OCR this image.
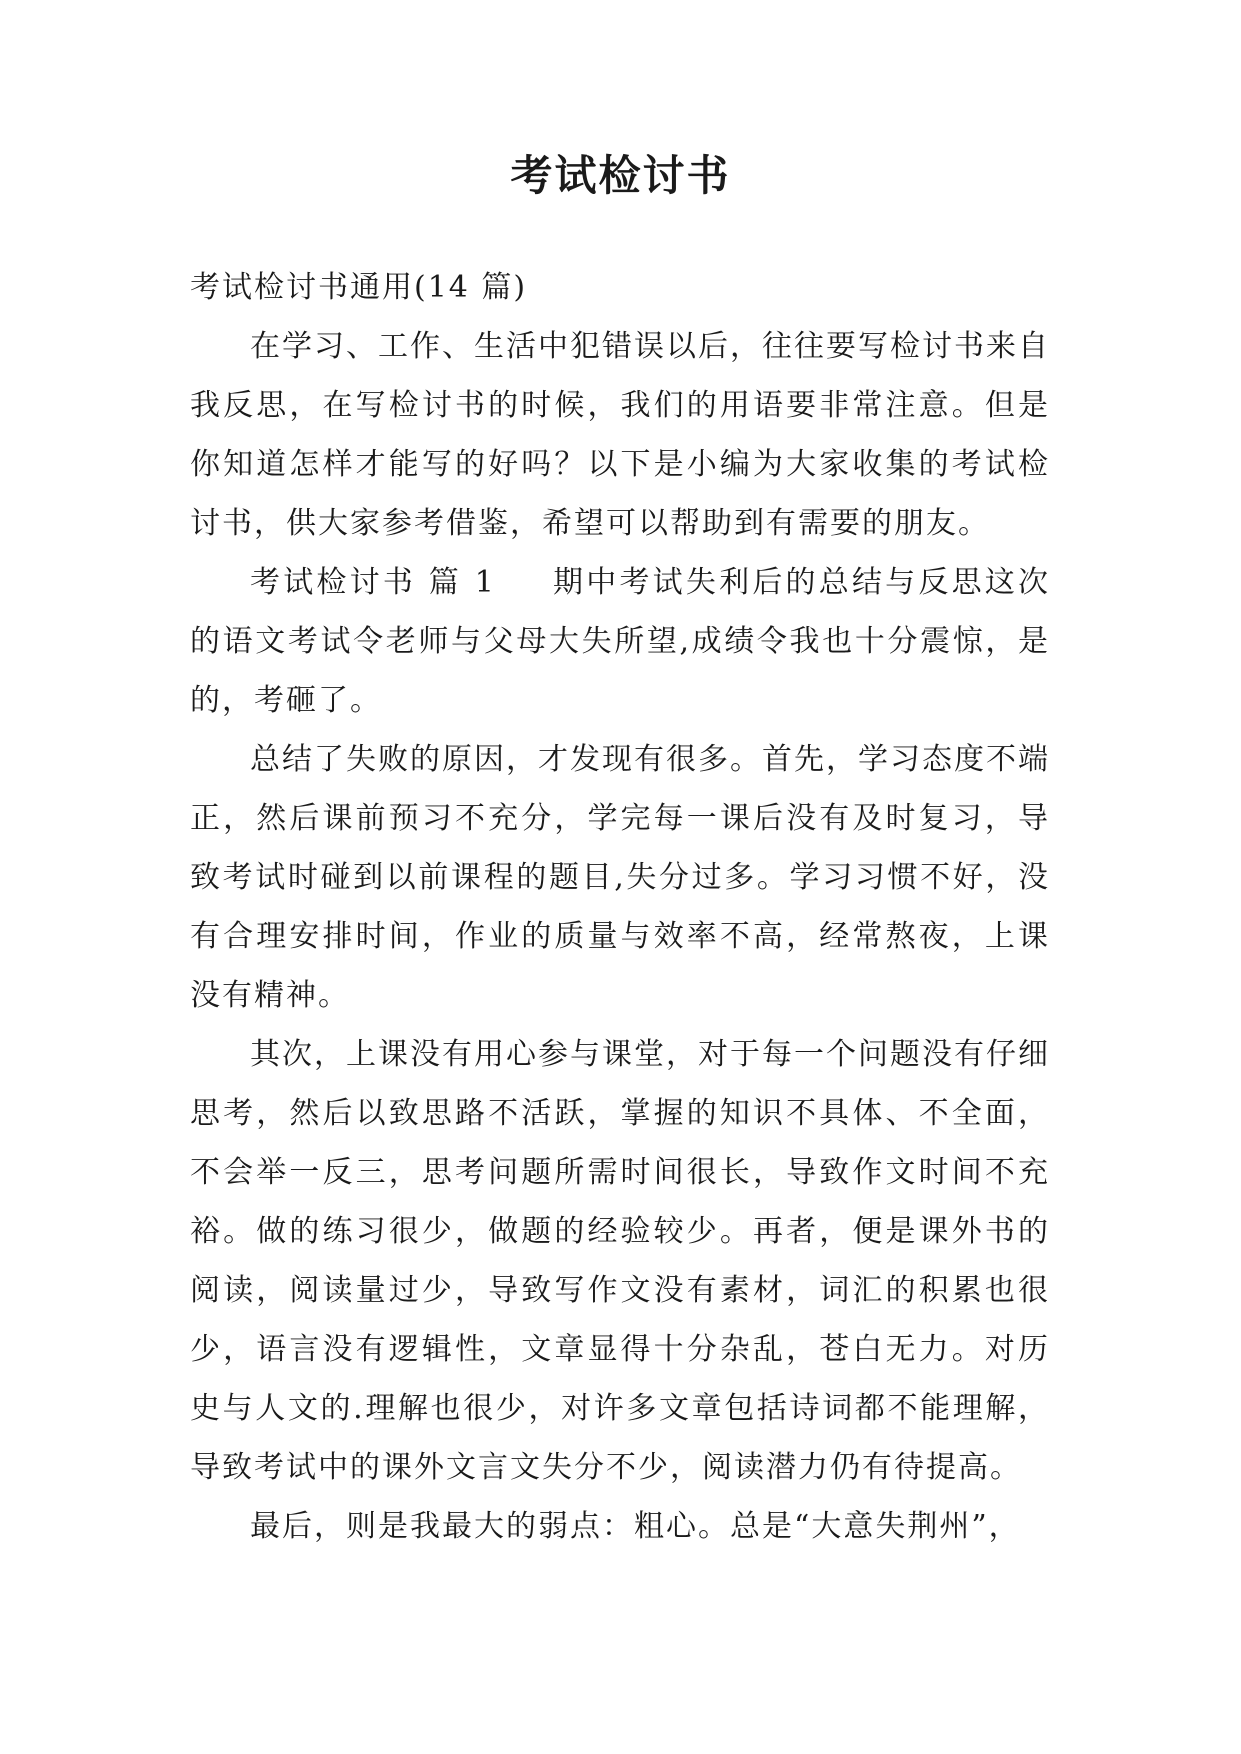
考试检讨书

考试检讨书通用(14 篇)

在学习、工作、生活中犯错误以后，往往要写检讨书来自我反思，在写检讨书的时候，我们的用语要非常注意。但是你知道怎样才能写的好吗？以下是小编为大家收集的考试检讨书，供大家参考借鉴，希望可以帮助到有需要的朋友。

考试检讨书 篇 1 期中考试失利后的总结与反思这次的语文考试令老师与父母大失所望,成绩令我也十分震惊，是的，考砸了。

总结了失败的原因，才发现有很多。首先，学习态度不端正，然后课前预习不充分，学完每一课后没有及时复习，导致考试时碰到以前课程的题目,失分过多。学习习惯不好，没有合理安排时间，作业的质量与效率不高，经常熬夜，上课没有精神。

其次，上课没有用心参与课堂，对于每一个问题没有仔细思考，然后以致思路不活跃，掌握的知识不具体、不全面，不会举一反三，思考问题所需时间很长，导致作文时间不充裕。做的练习很少，做题的经验较少。再者，便是课外书的阅读，阅读量过少，导致写作文没有素材，词汇的积累也很少，语言没有逻辑性，文章显得十分杂乱，苍白无力。对历史与人文的.理解也很少，对许多文章包括诗词都不能理解，导致考试中的课外文言文失分不少，阅读潜力仍有待提高。

最后，则是我最大的弱点：粗心。总是“大意失荆州”，
